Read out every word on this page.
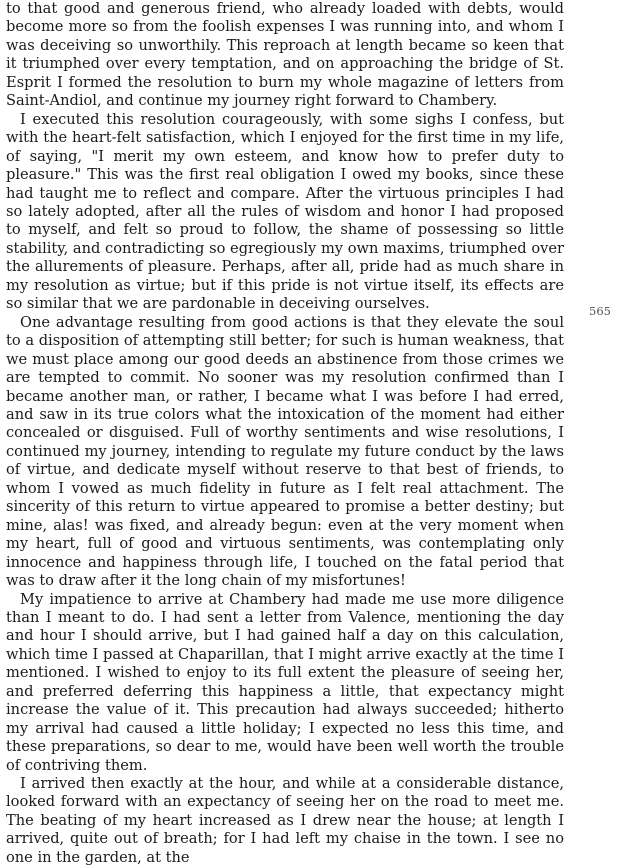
to that good and generous friend, who already loaded with debts, would become more so from the foolish expenses I was running into, and whom I was deceiving so unworthily. This reproach at length became so keen that it triumphed over every temptation, and on approaching the bridge of St. Esprit I formed the resolution to burn my whole magazine of letters from Saint-Andiol, and continue my journey right forward to Chambery.

I executed this resolution courageously, with some sighs I confess, but with the heart-felt satisfaction, which I enjoyed for the first time in my life, of saying, "I merit my own esteem, and know how to prefer duty to pleasure." This was the first real obligation I owed my books, since these had taught me to reflect and compare. After the virtuous principles I had so lately adopted, after all the rules of wisdom and honor I had proposed to myself, and felt so proud to follow, the shame of possessing so little stability, and contradicting so egregiously my own maxims, triumphed over the allurements of pleasure. Perhaps, after all, pride had as much share in my resolution as virtue; but if this pride is not virtue itself, its effects are so similar that we are pardonable in deceiving ourselves.

One advantage resulting from good actions is that they elevate the soul to a disposition of attempting still better; for such is human weakness, that we must place among our good deeds an abstinence from those crimes we are tempted to commit. No sooner was my resolution confirmed than I became another man, or rather, I became what I was before I had erred, and saw in its true colors what the intoxication of the moment had either concealed or disguised. Full of worthy sentiments and wise resolutions, I continued my journey, intending to regulate my future conduct by the laws of virtue, and dedicate myself without reserve to that best of friends, to whom I vowed as much fidelity in future as I felt real attachment. The sincerity of this return to virtue appeared to promise a better destiny; but mine, alas! was fixed, and already begun: even at the very moment when my heart, full of good and virtuous sentiments, was contemplating only innocence and happiness through life, I touched on the fatal period that was to draw after it the long chain of my misfortunes!

My impatience to arrive at Chambery had made me use more diligence than I meant to do. I had sent a letter from Valence, mentioning the day and hour I should arrive, but I had gained half a day on this calculation, which time I passed at Chaparillan, that I might arrive exactly at the time I mentioned. I wished to enjoy to its full extent the pleasure of seeing her, and preferred deferring this happiness a little, that expectancy might increase the value of it. This precaution had always succeeded; hitherto my arrival had caused a little holiday; I expected no less this time, and these preparations, so dear to me, would have been well worth the trouble of contriving them.

I arrived then exactly at the hour, and while at a considerable distance, looked forward with an expectancy of seeing her on the road to meet me. The beating of my heart increased as I drew near the house; at length I arrived, quite out of breath; for I had left my chaise in the town. I see no one in the garden, at the

565
